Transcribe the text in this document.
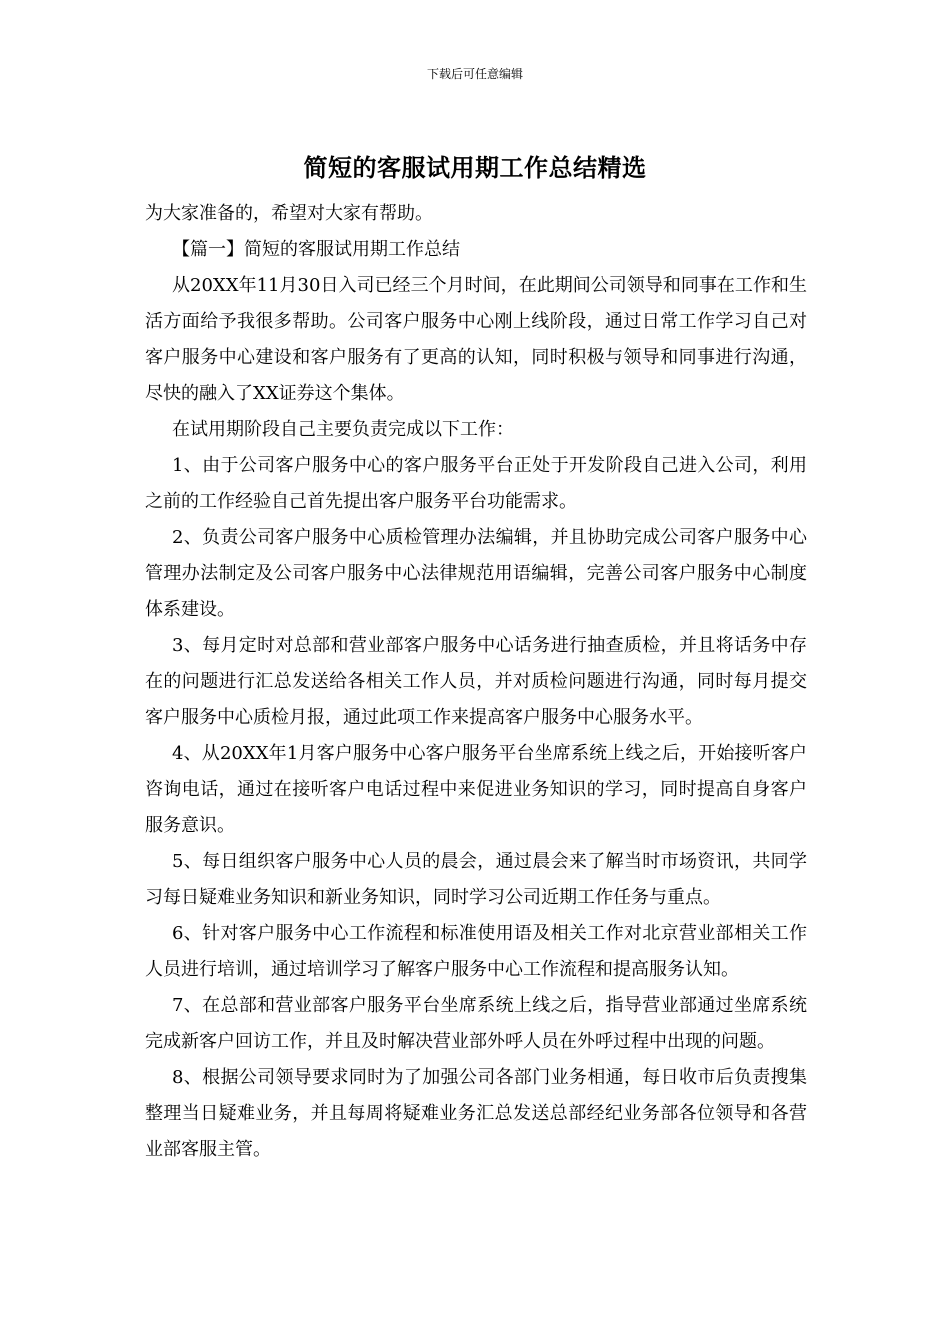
下载后可任意编辑
简短的客服试用期工作总结精选

为大家准备的，希望对大家有帮助。

【篇一】简短的客服试用期工作总结

从20XX年11月30日入司已经三个月时间，在此期间公司领导和同事在工作和生活方面给予我很多帮助。公司客户服务中心刚上线阶段，通过日常工作学习自己对客户服务中心建设和客户服务有了更高的认知，同时积极与领导和同事进行沟通，尽快的融入了XX证券这个集体。

在试用期阶段自己主要负责完成以下工作：

1、由于公司客户服务中心的客户服务平台正处于开发阶段自己进入公司，利用之前的工作经验自己首先提出客户服务平台功能需求。

2、负责公司客户服务中心质检管理办法编辑，并且协助完成公司客户服务中心管理办法制定及公司客户服务中心法律规范用语编辑，完善公司客户服务中心制度体系建设。

3、每月定时对总部和营业部客户服务中心话务进行抽查质检，并且将话务中存在的问题进行汇总发送给各相关工作人员，并对质检问题进行沟通，同时每月提交客户服务中心质检月报，通过此项工作来提高客户服务中心服务水平。

4、从20XX年1月客户服务中心客户服务平台坐席系统上线之后，开始接听客户咨询电话，通过在接听客户电话过程中来促进业务知识的学习，同时提高自身客户服务意识。

5、每日组织客户服务中心人员的晨会，通过晨会来了解当时市场资讯，共同学习每日疑难业务知识和新业务知识，同时学习公司近期工作任务与重点。

6、针对客户服务中心工作流程和标准使用语及相关工作对北京营业部相关工作人员进行培训，通过培训学习了解客户服务中心工作流程和提高服务认知。

7、在总部和营业部客户服务平台坐席系统上线之后，指导营业部通过坐席系统完成新客户回访工作，并且及时解决营业部外呼人员在外呼过程中出现的问题。

8、根据公司领导要求同时为了加强公司各部门业务相通，每日收市后负责搜集整理当日疑难业务，并且每周将疑难业务汇总发送总部经纪业务部各位领导和各营业部客服主管。
